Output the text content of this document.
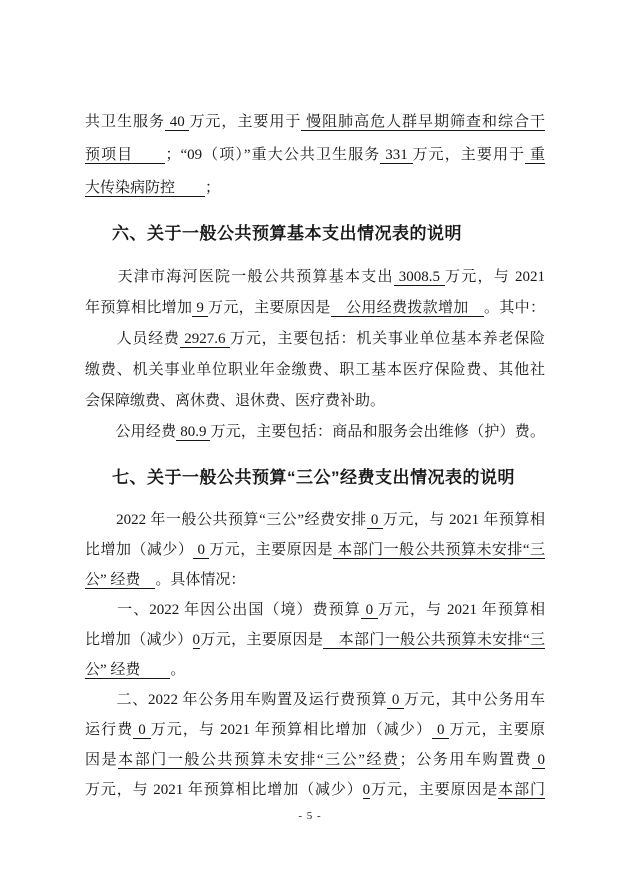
共卫生服务 40 万元，主要用于 慢阻肺高危人群早期筛查和综合干
预项目　　；“09（项）”重大公共卫生服务 331 万元，主要用于 重
大传染病防控　　；
六、关于一般公共预算基本支出情况表的说明
　　天津市海河医院一般公共预算基本支出 3008.5 万元，与 2021
年预算相比增加 9 万元，主要原因是　公用经费拨款增加　。其中：
　　人员经费 2927.6 万元，主要包括：机关事业单位基本养老保险
缴费、机关事业单位职业年金缴费、职工基本医疗保险费、其他社
会保障缴费、离休费、退休费、医疗费补助。
　　公用经费 80.9 万元，主要包括：商品和服务会出维修（护）费。
七、关于一般公共预算“三公”经费支出情况表的说明
　　2022 年一般公共预算“三公”经费安排 0 万元，与 2021 年预算相
比增加（减少） 0 万元，主要原因是 本部门一般公共预算未安排“三
公” 经费　。具体情况：
　　一、2022 年因公出国（境）费预算 0 万元，与 2021 年预算相
比增加（减少）0万元，主要原因是　本部门一般公共预算未安排“三
公” 经费　　。
　　二、2022 年公务用车购置及运行费预算 0 万元，其中公务用车
运行费 0 万元，与 2021 年预算相比增加（减少） 0 万元，主要原
因是本部门一般公共预算未安排“三公”经费；公务用车购置费 0
万元，与 2021 年预算相比增加（减少）0万元，主要原因是本部门
- 5 -
